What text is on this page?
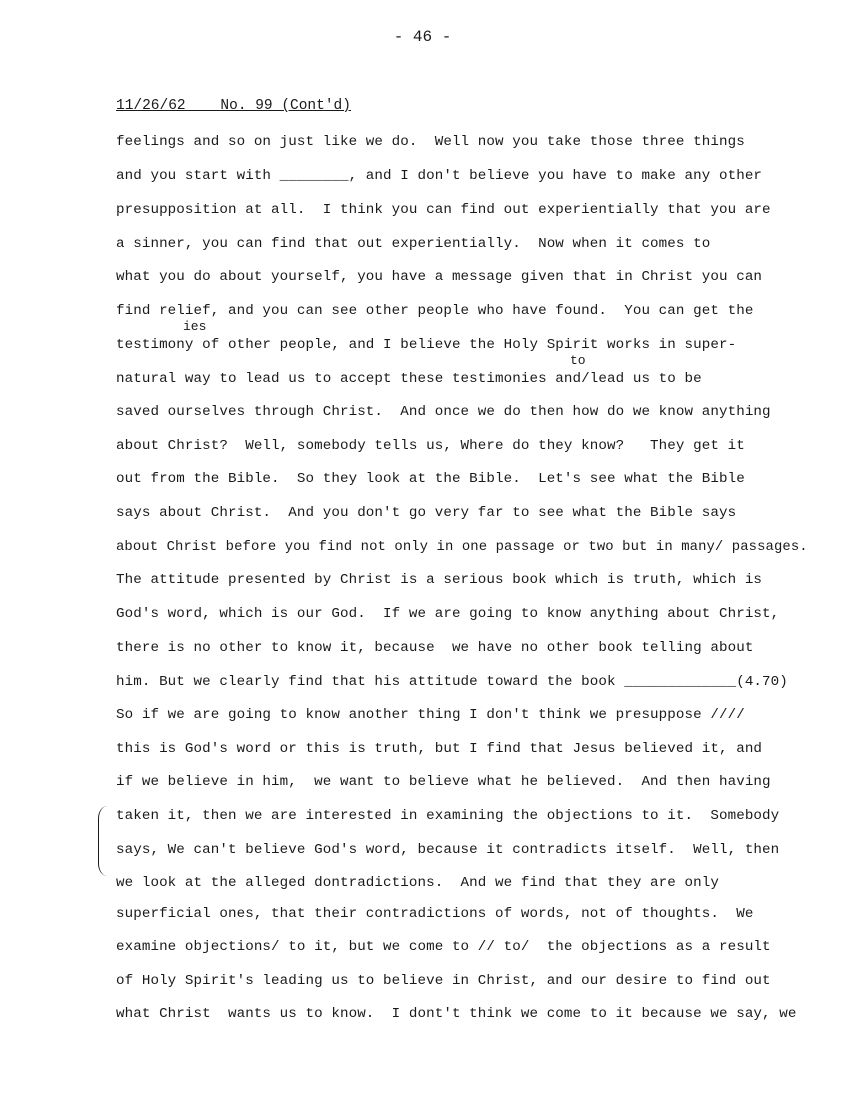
- 46 -
11/26/62    No. 99 (Cont'd)
ies
to
feelings and so on just like we do.  Well now you take those three things
and you start with ________, and I don't believe you have to make any other
presupposition at all.  I think you can find out experientially that you are
a sinner, you can find that out experientially.  Now when it comes to
what you do about yourself, you have a message given that in Christ you can
find relief, and you can see other people who have found.  You can get the
testimony of other people, and I believe the Holy Spirit works in super-
natural way to lead us to accept these testimonies and/lead us to be
saved ourselves through Christ.  And once we do then how do we know anything
about Christ?  Well, somebody tells us, Where do they know?   They get it
out from the Bible.  So they look at the Bible.  Let's see what the Bible
says about Christ.  And you don't go very far to see what the Bible says
about Christ before you find not only in one passage or two but in many/ passages.
The attitude presented by Christ is a serious book which is truth, which is
God's word, which is our God.  If we are going to know anything about Christ,
there is no other to know it, because  we have no other book telling about
him. But we clearly find that his attitude toward the book _____________(4.70)
So if we are going to know another thing I don't think we presuppose ////
this is God's word or this is truth, but I find that Jesus believed it, and
if we believe in him,  we want to believe what he believed.  And then having
taken it, then we are interested in examining the objections to it.  Somebody
says, We can't believe God's word, because it contradicts itself.  Well, then
we look at the alleged dontradictions.  And we find that they are only
superficial ones, that their contradictions of words, not of thoughts.  We
examine objections/ to it, but we come to // to/  the objections as a result
of Holy Spirit's leading us to believe in Christ, and our desire to find out
what Christ  wants us to know.  I dont't think we come to it because we say, we
